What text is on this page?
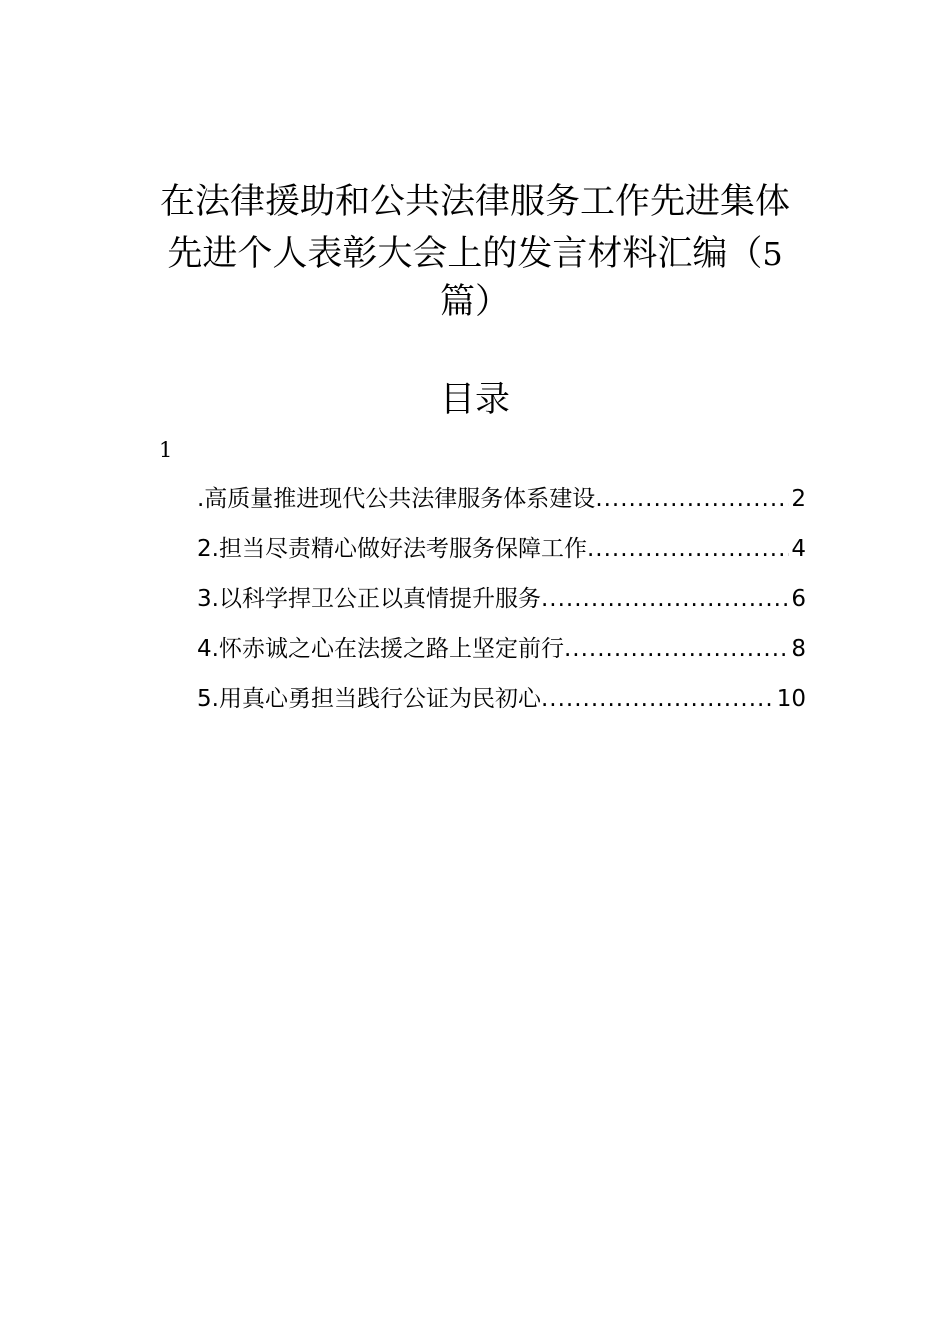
在法律援助和公共法律服务工作先进集体
先进个人表彰大会上的发言材料汇编（5
篇）
目录
1
.高质量推进现代公共法律服务体系建设 .....	2
2.担当尽责精心做好法考服务保障工作 .....	4
3.以科学捍卫公正以真情提升服务 .....	6
4.怀赤诚之心在法援之路上坚定前行 .....	8
5.用真心勇担当践行公证为民初心 .....	10
